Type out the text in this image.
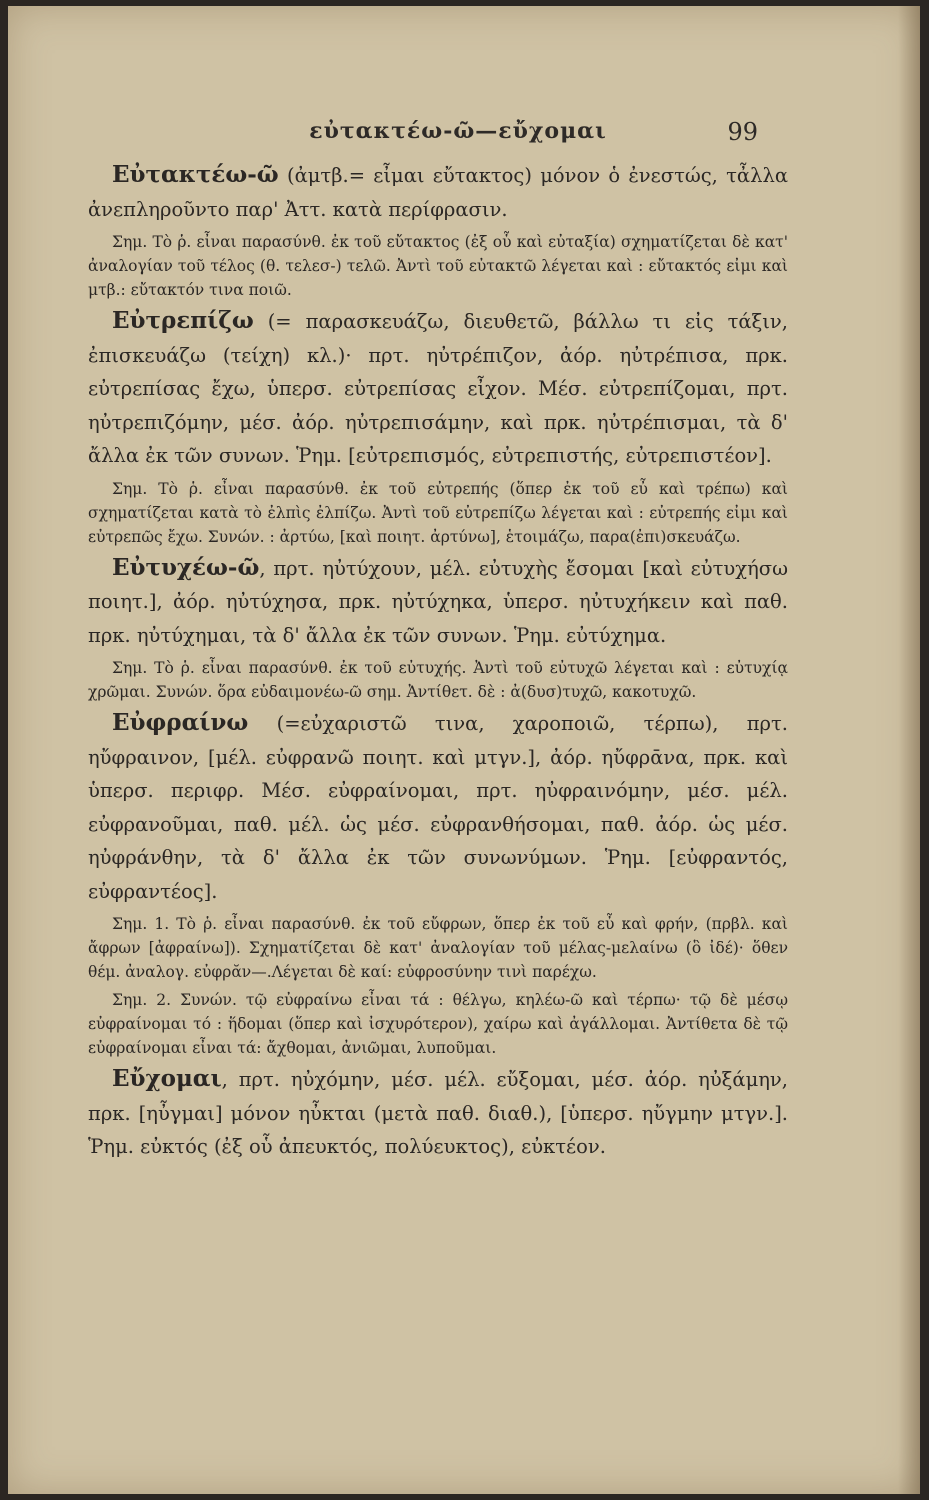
εὐτακτέω-ῶ—εὔχομαι	99

Εὐτακτέω-ῶ (ἀμτβ.= εἶμαι εὔτακτος) μόνον ὁ ἐνεστώς, τἆλλα ἀνεπληροῦντο παρ' Ἀττ. κατὰ περίφρασιν.

Σημ. Τὸ ῥ. εἶναι παρασύνθ. ἐκ τοῦ εὔτακτος (ἐξ οὗ καὶ εὐταξία) σχηματίζεται δὲ κατ' ἀναλογίαν τοῦ τέλος (θ. τελεσ-) τελῶ. Ἀντὶ τοῦ εὐτακτῶ λέγεται καὶ : εὔτακτός εἰμι καὶ μτβ.: εὔτακτόν τινα ποιῶ.

Εὐτρεπίζω (= παρασκευάζω, διευθετῶ, βάλλω τι εἰς τάξιν, ἐπισκευάζω (τείχη) κλ.)· πρτ. ηὐτρέπιζον, ἀόρ. ηὐτρέπισα, πρκ. εὐτρεπίσας ἔχω, ὑπερσ. εὐτρεπίσας εἶχον. Μέσ. εὐτρεπίζομαι, πρτ. ηὐτρεπιζόμην, μέσ. ἀόρ. ηὐτρεπισάμην, καὶ πρκ. ηὐτρέπισμαι, τὰ δ' ἄλλα ἐκ τῶν συνων. Ῥημ. [εὐτρεπισμός, εὐτρεπιστής, εὐτρεπιστέον].

Σημ. Τὸ ῥ. εἶναι παρασύνθ. ἐκ τοῦ εὐτρεπής (ὅπερ ἐκ τοῦ εὖ καὶ τρέπω) καὶ σχηματίζεται κατὰ τὸ ἐλπὶς ἐλπίζω. Ἀντὶ τοῦ εὐτρεπίζω λέγεται καὶ : εὐτρεπής εἰμι καὶ εὐτρεπῶς ἔχω. Συνών. : ἀρτύω, [καὶ ποιητ. ἀρτύνω], ἑτοιμάζω, παρα(ἐπι)σκευάζω.

Εὐτυχέω-ῶ, πρτ. ηὐτύχουν, μέλ. εὐτυχὴς ἔσομαι [καὶ εὐτυχήσω ποιητ.], ἀόρ. ηὐτύχησα, πρκ. ηὐτύχηκα, ὑπερσ. ηὐτυχήκειν καὶ παθ. πρκ. ηὐτύχημαι, τὰ δ' ἄλλα ἐκ τῶν συνων. Ῥημ. εὐτύχημα.

Σημ. Τὸ ῥ. εἶναι παρασύνθ. ἐκ τοῦ εὐτυχής. Ἀντὶ τοῦ εὐτυχῶ λέγεται καὶ : εὐτυχίᾳ χρῶμαι. Συνών. ὅρα εὐδαιμονέω-ῶ σημ. Ἀντίθετ. δὲ : ἀ(δυσ)τυχῶ, κακοτυχῶ.

Εὐφραίνω (=εὐχαριστῶ τινα, χαροποιῶ, τέρπω), πρτ. ηὔφραινον, [μέλ. εὐφρανῶ ποιητ. καὶ μτγν.], ἀόρ. ηὔφρᾱνα, πρκ. καὶ ὑπερσ. περιφρ. Μέσ. εὐφραίνομαι, πρτ. ηὐφραινόμην, μέσ. μέλ. εὐφρανοῦμαι, παθ. μέλ. ὡς μέσ. εὐφρανθήσομαι, παθ. ἀόρ. ὡς μέσ. ηὐφράνθην, τὰ δ' ἄλλα ἐκ τῶν συνωνύμων. Ῥημ. [εὐφραντός, εὐφραντέος].

Σημ. 1. Τὸ ῥ. εἶναι παρασύνθ. ἐκ τοῦ εὔφρων, ὅπερ ἐκ τοῦ εὖ καὶ φρήν, (πρβλ. καὶ ἄφρων [ἀφραίνω]). Σχηματίζεται δὲ κατ' ἀναλογίαν τοῦ μέλας-μελαίνω (ὃ ἰδέ)· ὅθεν θέμ. ἀναλογ. εὐφρᾰν—.Λέγεται δὲ καί: εὐφροσύνην τινὶ παρέχω.

Σημ. 2. Συνών. τῷ εὐφραίνω εἶναι τά : θέλγω, κηλέω-ῶ καὶ τέρπω· τῷ δὲ μέσῳ εὐφραίνομαι τό : ἥδομαι (ὅπερ καὶ ἰσχυρότερον), χαίρω καὶ ἀγάλλομαι. Ἀντίθετα δὲ τῷ εὐφραίνομαι εἶναι τά: ἄχθομαι, ἀνιῶμαι, λυποῦμαι.

Εὔχομαι, πρτ. ηὐχόμην, μέσ. μέλ. εὔξομαι, μέσ. ἀόρ. ηὐξάμην, πρκ. [ηὖγμαι] μόνον ηὖκται (μετὰ παθ. διαθ.), [ὑπερσ. ηὔγμην μτγν.]. Ῥημ. εὐκτός (ἐξ οὗ ἀπευκτός, πολύευκτος), εὐκτέον.
